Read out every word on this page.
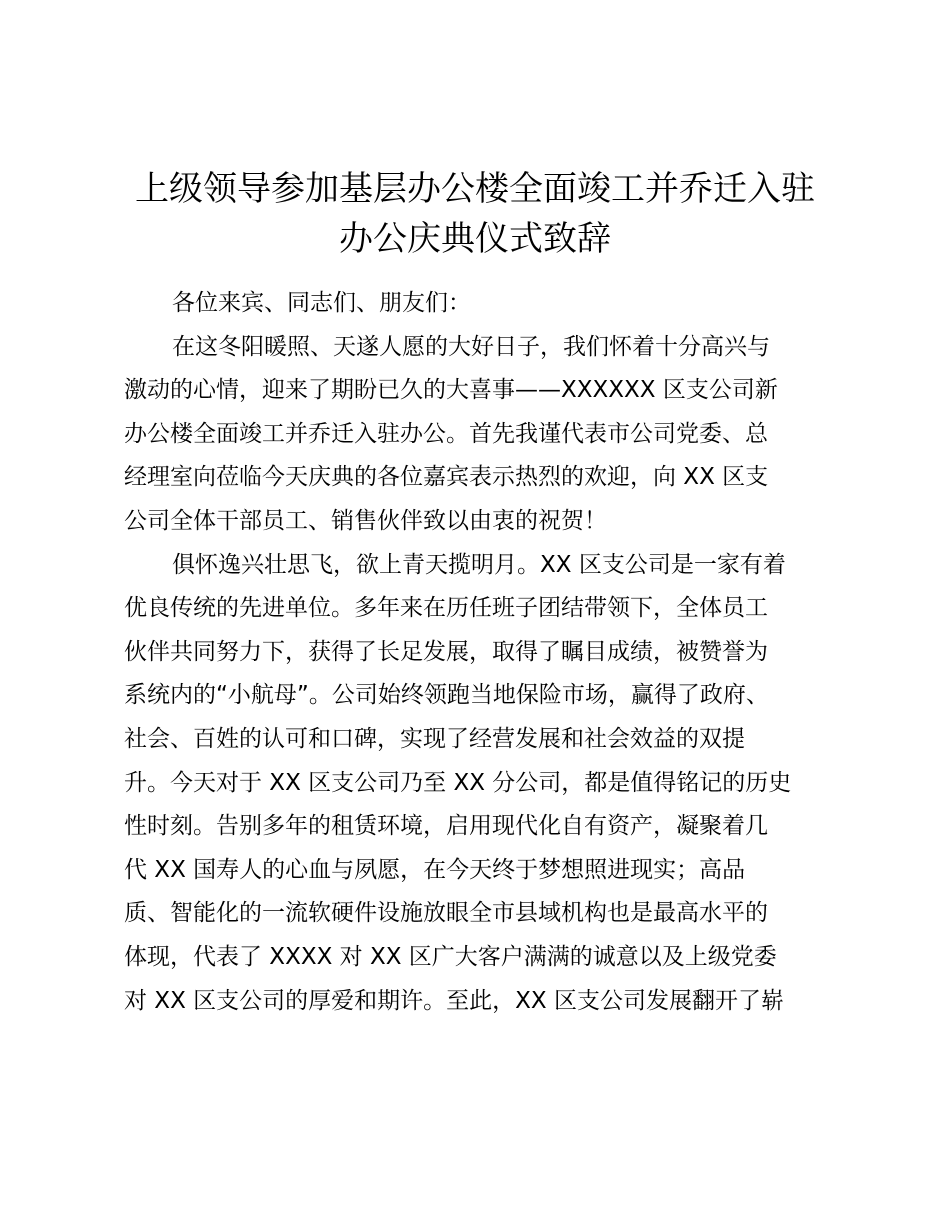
上级领导参加基层办公楼全面竣工并乔迁入驻
办公庆典仪式致辞
各位来宾、同志们、朋友们：
在这冬阳暖照、天遂人愿的大好日子，我们怀着十分高兴与
激动的心情，迎来了期盼已久的大喜事——XXXXXX 区支公司新
办公楼全面竣工并乔迁入驻办公。首先我谨代表市公司党委、总
经理室向莅临今天庆典的各位嘉宾表示热烈的欢迎，向 XX 区支
公司全体干部员工、销售伙伴致以由衷的祝贺！
俱怀逸兴壮思飞，欲上青天揽明月。XX 区支公司是一家有着
优良传统的先进单位。多年来在历任班子团结带领下，全体员工
伙伴共同努力下，获得了长足发展，取得了瞩目成绩，被赞誉为
系统内的“小航母”。公司始终领跑当地保险市场，赢得了政府、
社会、百姓的认可和口碑，实现了经营发展和社会效益的双提
升。今天对于 XX 区支公司乃至 XX 分公司，都是值得铭记的历史
性时刻。告别多年的租赁环境，启用现代化自有资产，凝聚着几
代 XX 国寿人的心血与夙愿，在今天终于梦想照进现实；高品
质、智能化的一流软硬件设施放眼全市县域机构也是最高水平的
体现，代表了 XXXX 对 XX 区广大客户满满的诚意以及上级党委
对 XX 区支公司的厚爱和期许。至此，XX 区支公司发展翻开了崭
